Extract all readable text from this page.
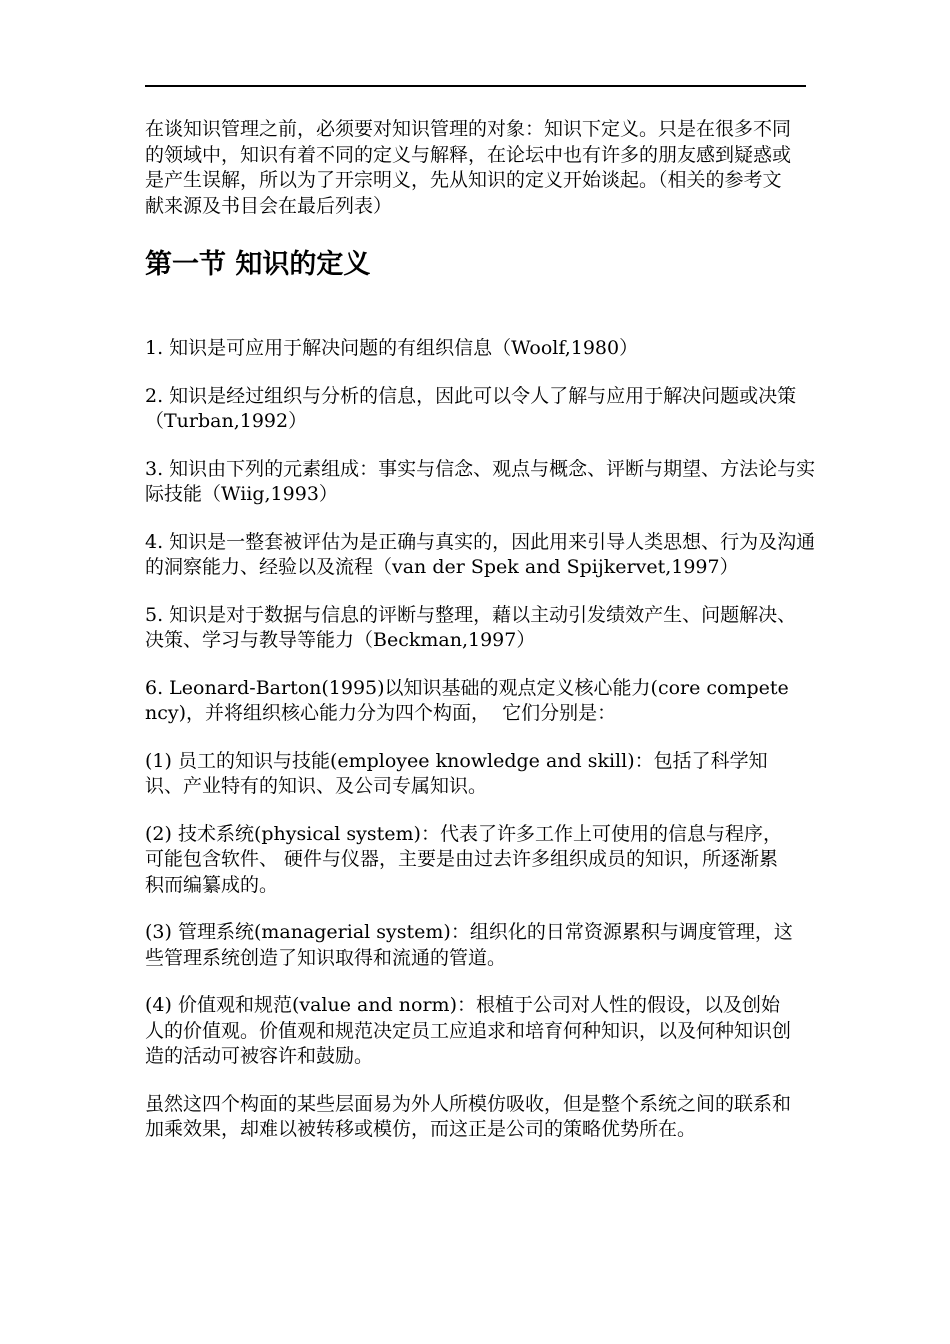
在谈知识管理之前，必须要对知识管理的对象：知识下定义。只是在很多不同的领域中，知识有着不同的定义与解释，在论坛中也有许多的朋友感到疑惑或是产生误解，所以为了开宗明义，先从知识的定义开始谈起。（相关的参考文献来源及书目会在最后列表）

第一节 知识的定义

1. 知识是可应用于解决问题的有组织信息（Woolf,1980）

2. 知识是经过组织与分析的信息，因此可以令人了解与应用于解决问题或决策（Turban,1992）

3. 知识由下列的元素组成：事实与信念、观点与概念、评断与期望、方法论与实际技能（Wiig,1993）

4. 知识是一整套被评估为是正确与真实的，因此用来引导人类思想、行为及沟通的洞察能力、经验以及流程（van der Spek and Spijkervet,1997）

5. 知识是对于数据与信息的评断与整理，藉以主动引发绩效产生、问题解决、决策、学习与教导等能力（Beckman,1997）

6. Leonard-Barton(1995)以知识基础的观点定义核心能力(core competency)，并将组织核心能力分为四个构面，  它们分别是：

(1) 员工的知识与技能(employee knowledge and skill)：包括了科学知识、产业特有的知识、及公司专属知识。

(2) 技术系统(physical system)：代表了许多工作上可使用的信息与程序，可能包含软件、 硬件与仪器，主要是由过去许多组织成员的知识，所逐渐累积而编纂成的。

(3) 管理系统(managerial system)：组织化的日常资源累积与调度管理，这些管理系统创造了知识取得和流通的管道。

(4) 价值观和规范(value and norm)：根植于公司对人性的假设，以及创始人的价值观。价值观和规范决定员工应追求和培育何种知识，以及何种知识创造的活动可被容许和鼓励。

虽然这四个构面的某些层面易为外人所模仿吸收，但是整个系统之间的联系和加乘效果，却难以被转移或模仿，而这正是公司的策略优势所在。
